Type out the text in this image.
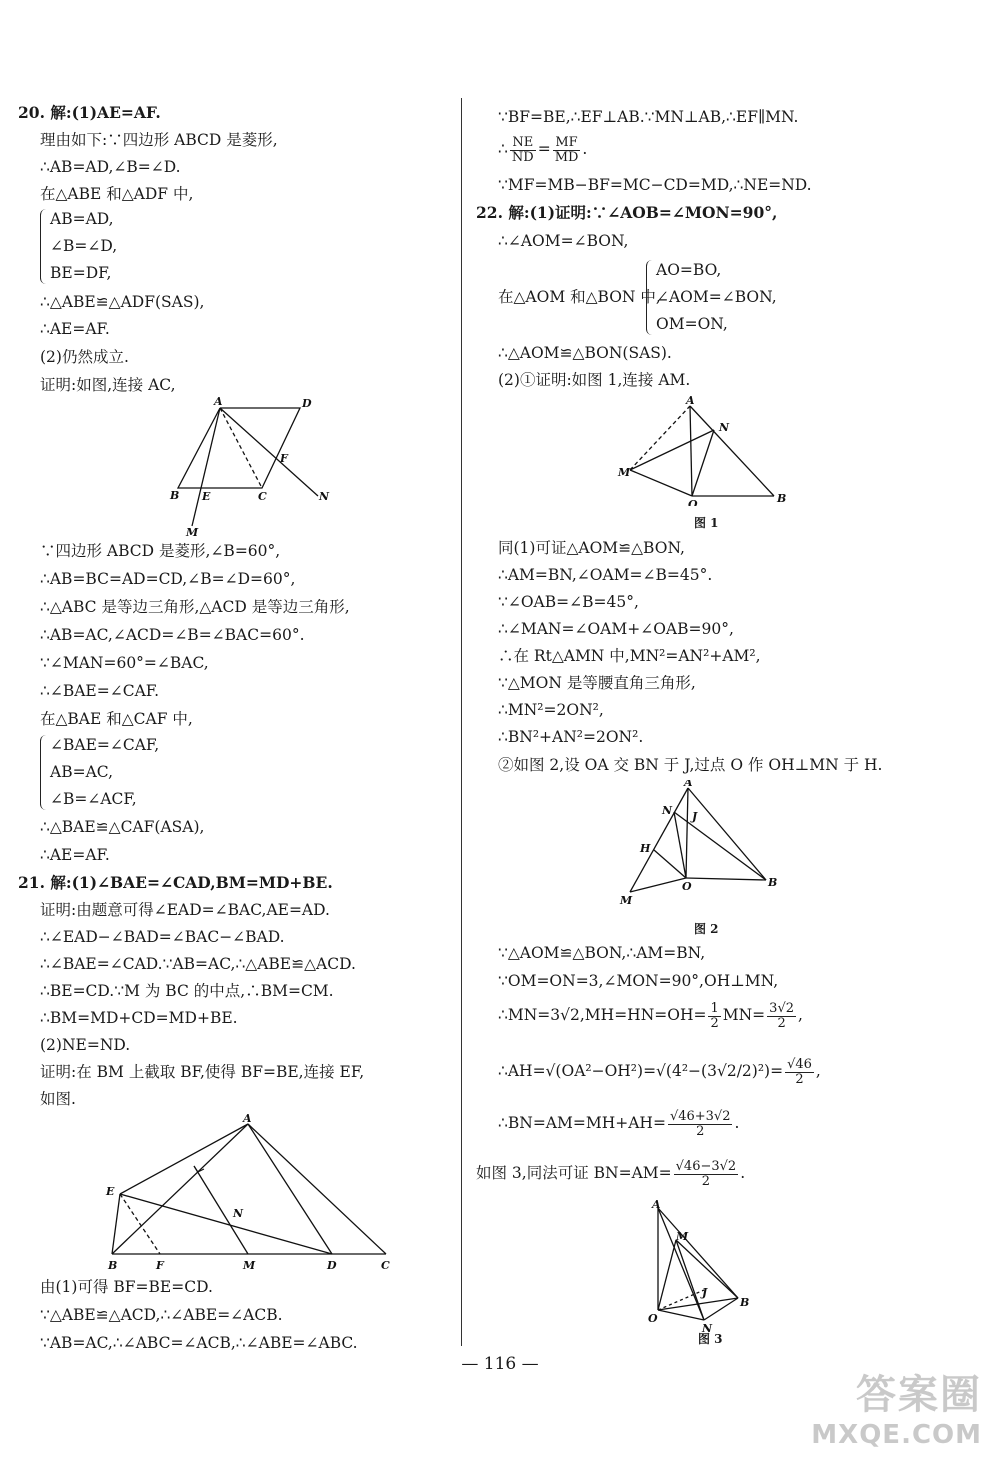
20. 解:(1)AE=AF.
理由如下:∵四边形 ABCD 是菱形,
∴AB=AD,∠B=∠D.
在△ABE 和△ADF 中,
AB=AD,
∠B=∠D,
BE=DF,
∴△ABE≌△ADF(SAS),
∴AE=AF.
(2)仍然成立.
证明:如图,连接 AC,
A	D
F
B E	C	N
M
∵四边形 ABCD 是菱形,∠B=60°,
∴AB=BC=AD=CD,∠B=∠D=60°,
∴△ABC 是等边三角形,△ACD 是等边三角形,
∴AB=AC,∠ACD=∠B=∠BAC=60°.
∵∠MAN=60°=∠BAC,
∴∠BAE=∠CAF.
在△BAE 和△CAF 中,
∠BAE=∠CAF,
AB=AC,
∠B=∠ACF,
∴△BAE≌△CAF(ASA),
∴AE=AF.
21. 解:(1)∠BAE=∠CAD,BM=MD+BE.
证明:由题意可得∠EAD=∠BAC,AE=AD.
∴∠EAD−∠BAD=∠BAC−∠BAD.
∴∠BAE=∠CAD.∵AB=AC,∴△ABE≌△ACD.
∴BE=CD.∵M 为 BC 的中点,∴BM=CM.
∴BM=MD+CD=MD+BE.
(2)NE=ND.
证明:在 BM 上截取 BF,使得 BF=BE,连接 EF,
如图.
A
E
N
B	F	M	D	C
由(1)可得 BF=BE=CD.
∵△ABE≌△ACD,∴∠ABE=∠ACB.
∵AB=AC,∴∠ABC=∠ACB,∴∠ABE=∠ABC.
∵BF=BE,∴EF⊥AB.∵MN⊥AB,∴EF∥MN.
∴ $\frac{NE}{ND} = \frac{MF}{MD}$ .
∵MF=MB−BF=MC−CD=MD,∴NE=ND.
22. 解:(1)证明:∵∠AOB=∠MON=90°,
∴∠AOM=∠BON,
在△AOM 和△BON 中,
AO=BO,
∠AOM=∠BON,
OM=ON,
∴△AOM≌△BON(SAS).
(2)①证明:如图 1,连接 AM.
A
N
M
O	B
图 1
同(1)可证△AOM≌△BON,
∴AM=BN,∠OAM=∠B=45°.
∵∠OAB=∠B=45°,
∴∠MAN=∠OAM+∠OAB=90°,
∴在 Rt△AMN 中,MN²=AN²+AM²,
∵△MON 是等腰直角三角形,
∴MN²=2ON²,
∴BN²+AN²=2ON².
②如图 2,设 OA 交 BN 于 J,过点 O 作 OH⊥MN 于 H.
A
N J
H
O	B
M
图 2
∵△AOM≌△BON,∴AM=BN,
∵OM=ON=3,∠MON=90°,OH⊥MN,
∴MN=3√2,MH=HN=OH= $\frac{1}{2} MN= \frac{3√2}{2}$ ,
∴AH=√(OA²−OH²)=√(4²−(3√2/2)²)= $\frac{√46}{2}$ ,
∴BN=AM=MH+AH= $\frac{√46+3√2}{2}$ .
如图 3,同法可证 $BN=AM= \frac{√46-3√2}{2}$ .
A
M
J
B
O
N
图 3
— 116 —
答案圈
MXQE.COM
